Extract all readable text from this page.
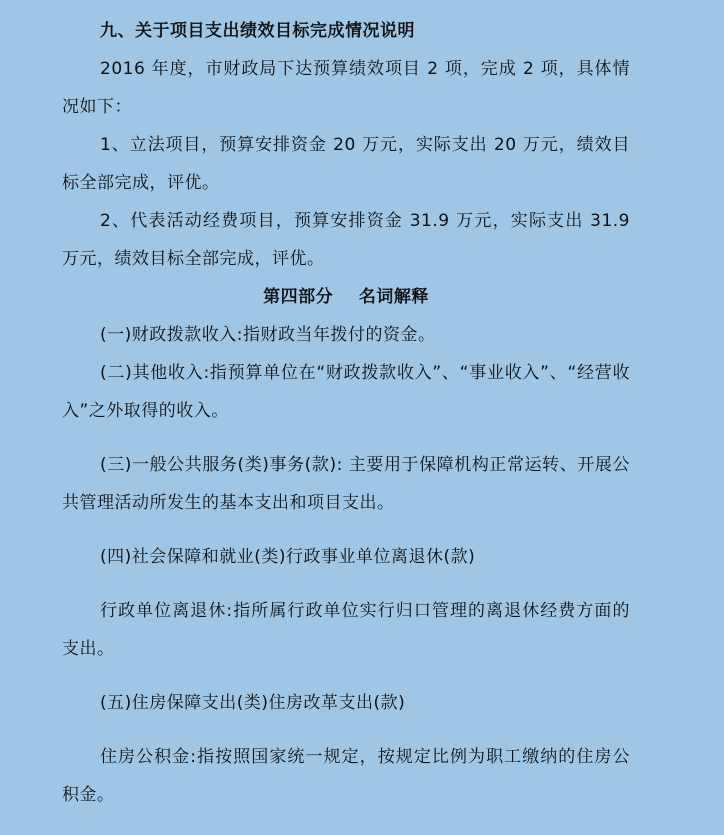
九、关于项目支出绩效目标完成情况说明

2016 年度，市财政局下达预算绩效项目 2 项，完成 2 项，具体情况如下：

1、立法项目，预算安排资金 20 万元，实际支出 20 万元，绩效目标全部完成，评优。

2、代表活动经费项目，预算安排资金 31.9 万元，实际支出 31.9 万元，绩效目标全部完成，评优。

第四部分    名词解释

(一)财政拨款收入:指财政当年拨付的资金。

(二)其他收入:指预算单位在“财政拨款收入”、“事业收入”、“经营收入”之外取得的收入。

(三)一般公共服务(类)事务(款): 主要用于保障机构正常运转、开展公共管理活动所发生的基本支出和项目支出。

(四)社会保障和就业(类)行政事业单位离退休(款)

行政单位离退休:指所属行政单位实行归口管理的离退休经费方面的支出。

(五)住房保障支出(类)住房改革支出(款)

住房公积金:指按照国家统一规定，按规定比例为职工缴纳的住房公积金。
